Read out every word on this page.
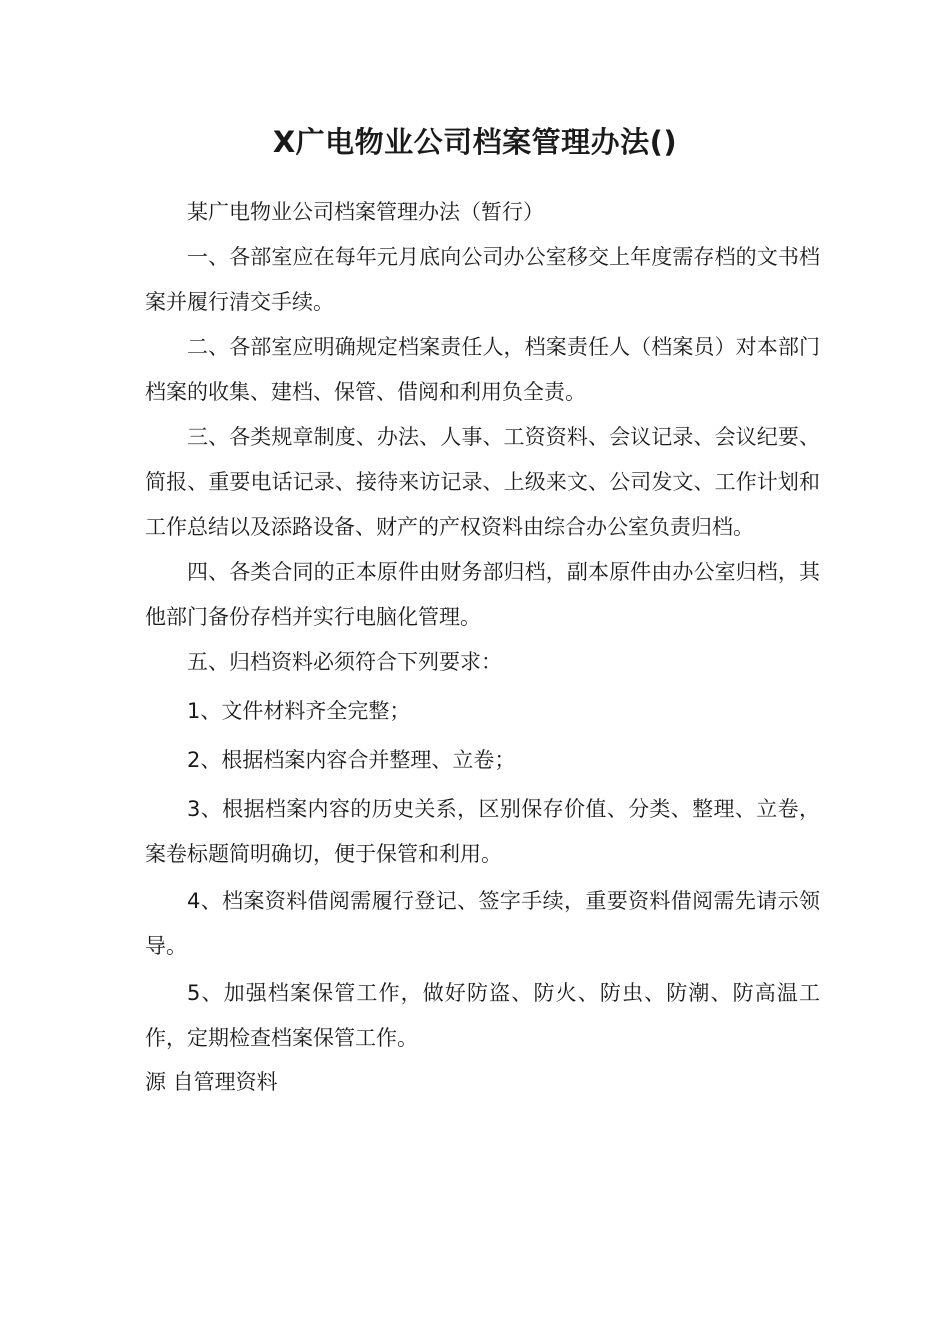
X广电物业公司档案管理办法()

某广电物业公司档案管理办法（暂行）

一、各部室应在每年元月底向公司办公室移交上年度需存档的文书档案并履行清交手续。

二、各部室应明确规定档案责任人，档案责任人（档案员）对本部门档案的收集、建档、保管、借阅和利用负全责。

三、各类规章制度、办法、人事、工资资料、会议记录、会议纪要、简报、重要电话记录、接待来访记录、上级来文、公司发文、工作计划和工作总结以及添路设备、财产的产权资料由综合办公室负责归档。

四、各类合同的正本原件由财务部归档，副本原件由办公室归档，其他部门备份存档并实行电脑化管理。

五、归档资料必须符合下列要求：

1、文件材料齐全完整；

2、根据档案内容合并整理、立卷；

3、根据档案内容的历史关系，区别保存价值、分类、整理、立卷，案卷标题简明确切，便于保管和利用。

4、档案资料借阅需履行登记、签字手续，重要资料借阅需先请示领导。

5、加强档案保管工作，做好防盗、防火、防虫、防潮、防高温工作，定期检查档案保管工作。

源 自管理资料
